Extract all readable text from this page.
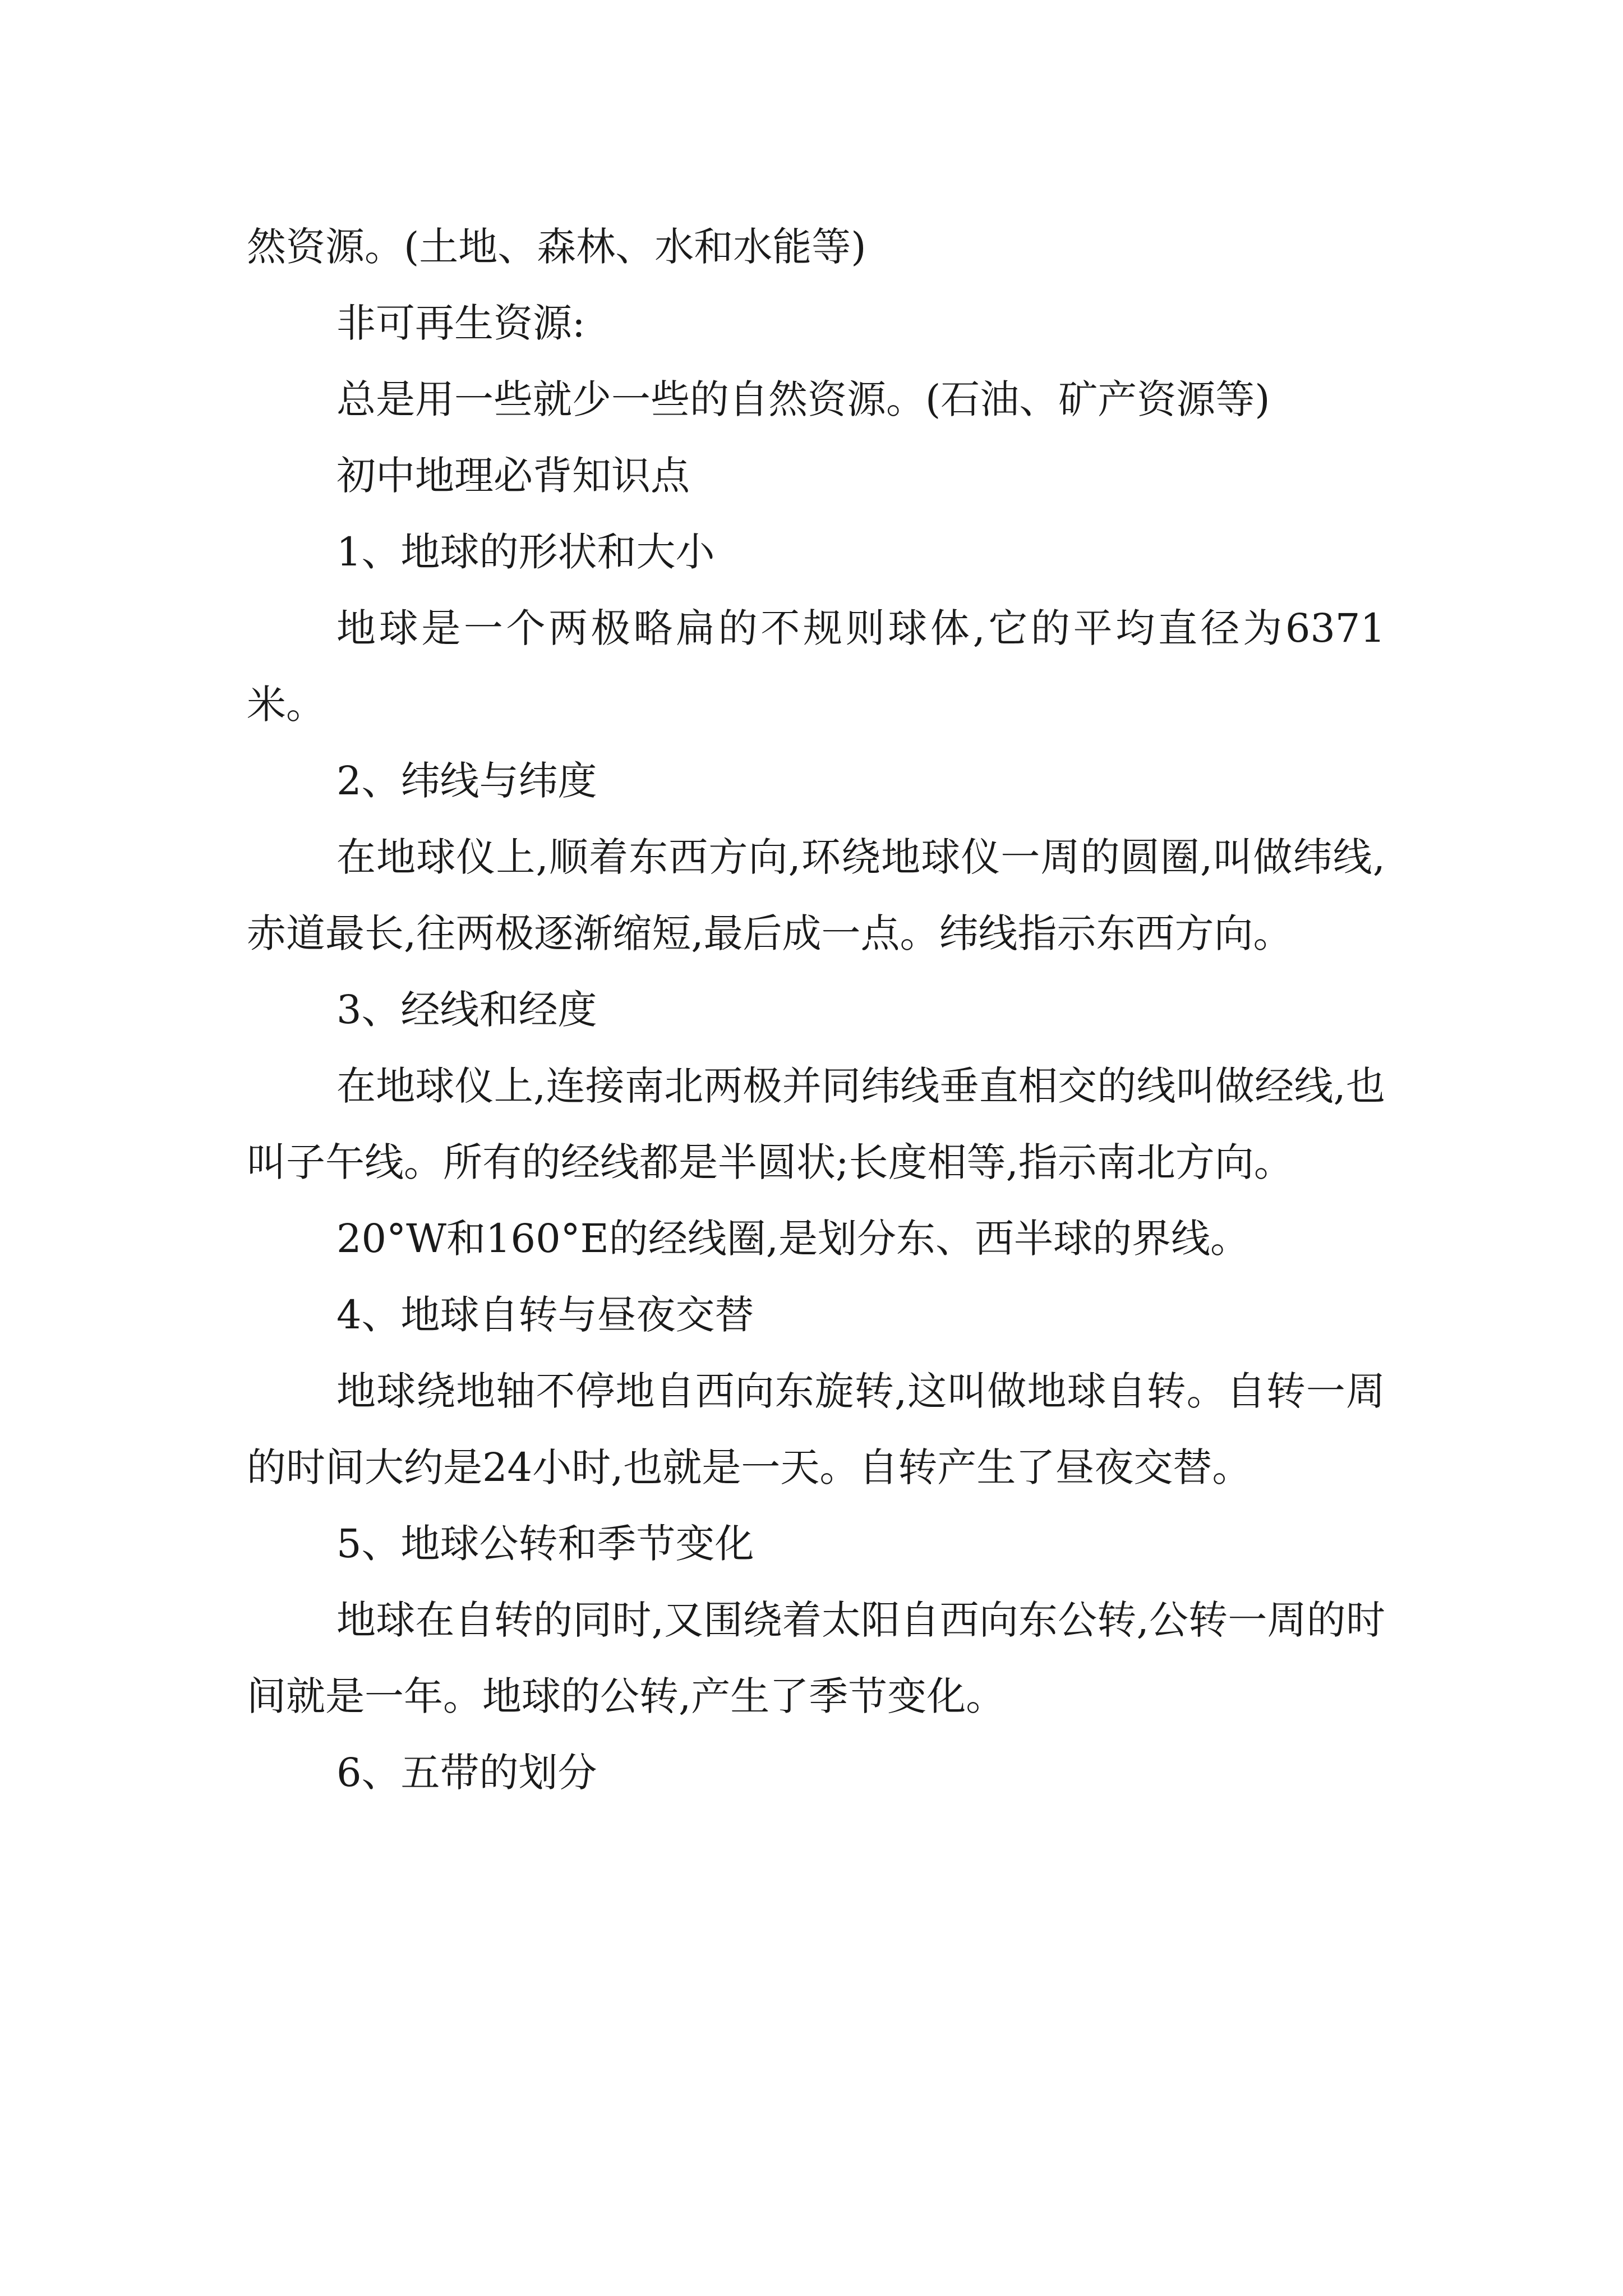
然资源。(土地、森林、水和水能等)

非可再生资源:

总是用一些就少一些的自然资源。(石油、矿产资源等)

初中地理必背知识点

1、地球的形状和大小

地球是一个两极略扁的不规则球体,它的平均直径为6371米。

2、纬线与纬度

在地球仪上,顺着东西方向,环绕地球仪一周的圆圈,叫做纬线,赤道最长,往两极逐渐缩短,最后成一点。纬线指示东西方向。

3、经线和经度

在地球仪上,连接南北两极并同纬线垂直相交的线叫做经线,也叫子午线。所有的经线都是半圆状;长度相等,指示南北方向。

20°W和160°E的经线圈,是划分东、西半球的界线。

4、地球自转与昼夜交替

地球绕地轴不停地自西向东旋转,这叫做地球自转。自转一周的时间大约是24小时,也就是一天。自转产生了昼夜交替。

5、地球公转和季节变化

地球在自转的同时,又围绕着太阳自西向东公转,公转一周的时间就是一年。地球的公转,产生了季节变化。

6、五带的划分
